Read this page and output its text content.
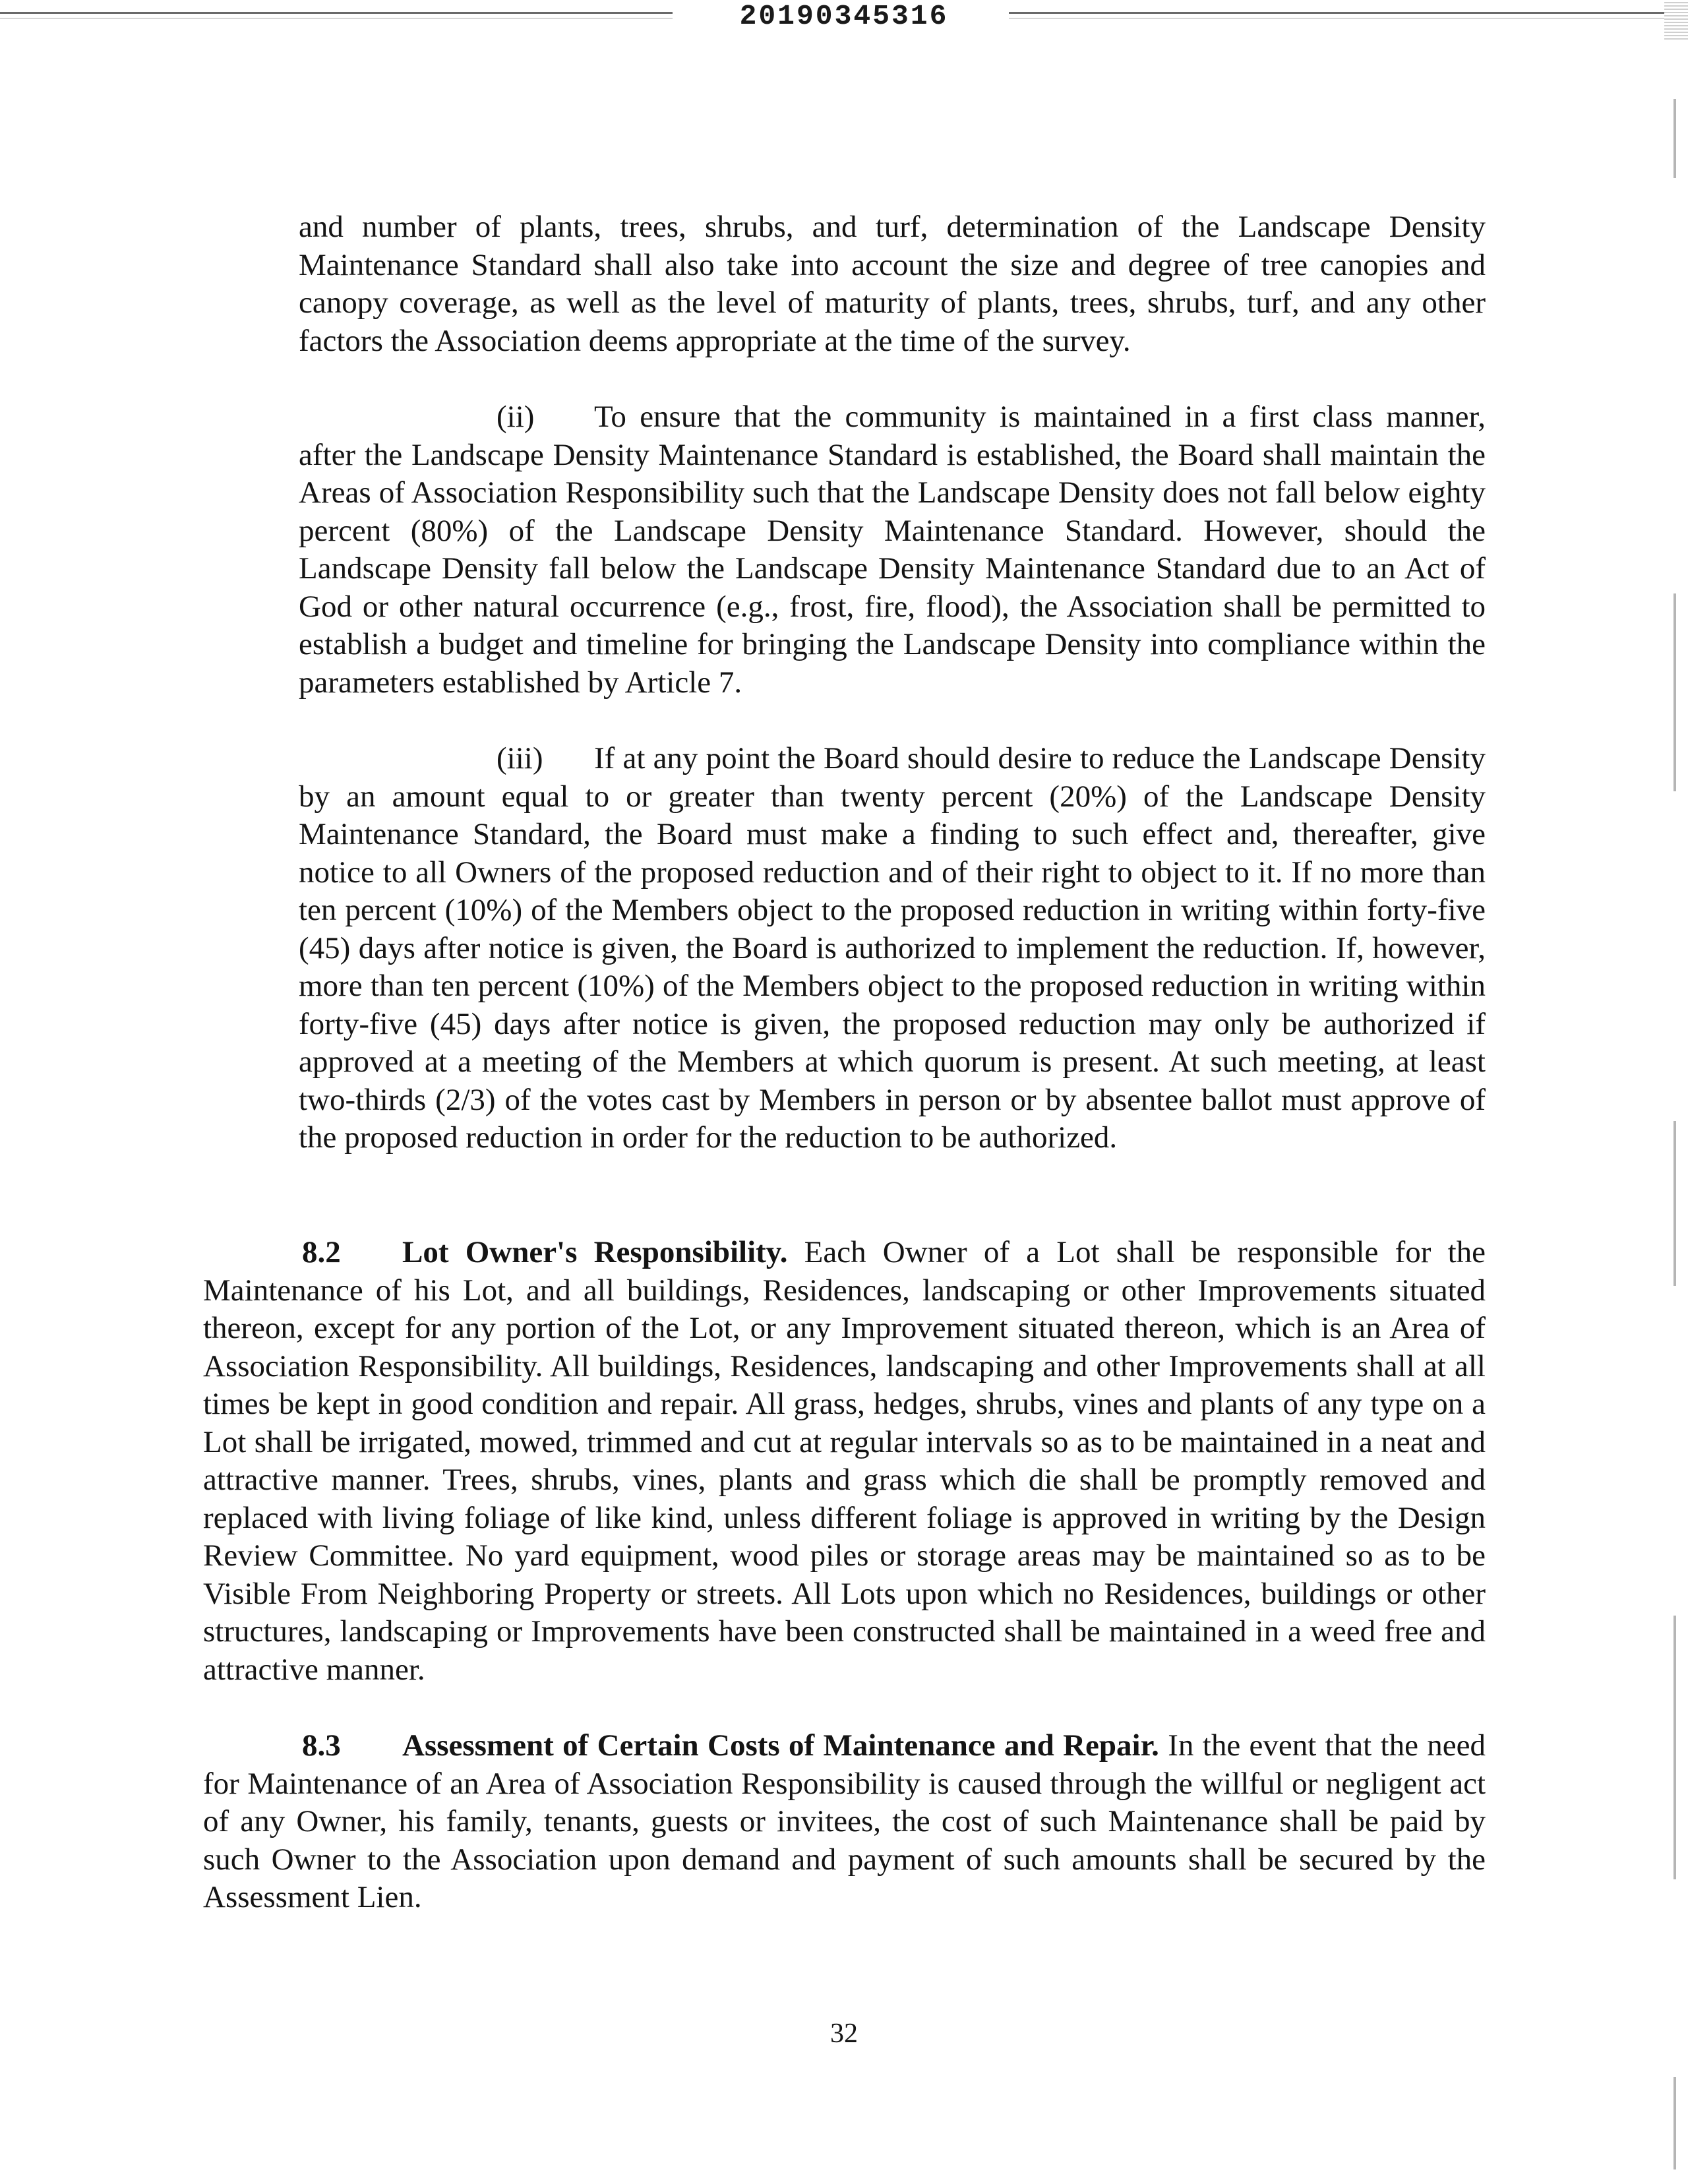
20190345316

and number of plants, trees, shrubs, and turf, determination of the Landscape Density Maintenance Standard shall also take into account the size and degree of tree canopies and canopy coverage, as well as the level of maturity of plants, trees, shrubs, turf, and any other factors the Association deems appropriate at the time of the survey.

(ii) To ensure that the community is maintained in a first class manner, after the Landscape Density Maintenance Standard is established, the Board shall maintain the Areas of Association Responsibility such that the Landscape Density does not fall below eighty percent (80%) of the Landscape Density Maintenance Standard. However, should the Landscape Density fall below the Landscape Density Maintenance Standard due to an Act of God or other natural occurrence (e.g., frost, fire, flood), the Association shall be permitted to establish a budget and timeline for bringing the Landscape Density into compliance within the parameters established by Article 7.

(iii) If at any point the Board should desire to reduce the Landscape Density by an amount equal to or greater than twenty percent (20%) of the Landscape Density Maintenance Standard, the Board must make a finding to such effect and, thereafter, give notice to all Owners of the proposed reduction and of their right to object to it. If no more than ten percent (10%) of the Members object to the proposed reduction in writing within forty-five (45) days after notice is given, the Board is authorized to implement the reduction. If, however, more than ten percent (10%) of the Members object to the proposed reduction in writing within forty-five (45) days after notice is given, the proposed reduction may only be authorized if approved at a meeting of the Members at which quorum is present. At such meeting, at least two-thirds (2/3) of the votes cast by Members in person or by absentee ballot must approve of the proposed reduction in order for the reduction to be authorized.

8.2 Lot Owner's Responsibility. Each Owner of a Lot shall be responsible for the Maintenance of his Lot, and all buildings, Residences, landscaping or other Improvements situated thereon, except for any portion of the Lot, or any Improvement situated thereon, which is an Area of Association Responsibility. All buildings, Residences, landscaping and other Improvements shall at all times be kept in good condition and repair. All grass, hedges, shrubs, vines and plants of any type on a Lot shall be irrigated, mowed, trimmed and cut at regular intervals so as to be maintained in a neat and attractive manner. Trees, shrubs, vines, plants and grass which die shall be promptly removed and replaced with living foliage of like kind, unless different foliage is approved in writing by the Design Review Committee. No yard equipment, wood piles or storage areas may be maintained so as to be Visible From Neighboring Property or streets. All Lots upon which no Residences, buildings or other structures, landscaping or Improvements have been constructed shall be maintained in a weed free and attractive manner.

8.3 Assessment of Certain Costs of Maintenance and Repair. In the event that the need for Maintenance of an Area of Association Responsibility is caused through the willful or negligent act of any Owner, his family, tenants, guests or invitees, the cost of such Maintenance shall be paid by such Owner to the Association upon demand and payment of such amounts shall be secured by the Assessment Lien.

32
